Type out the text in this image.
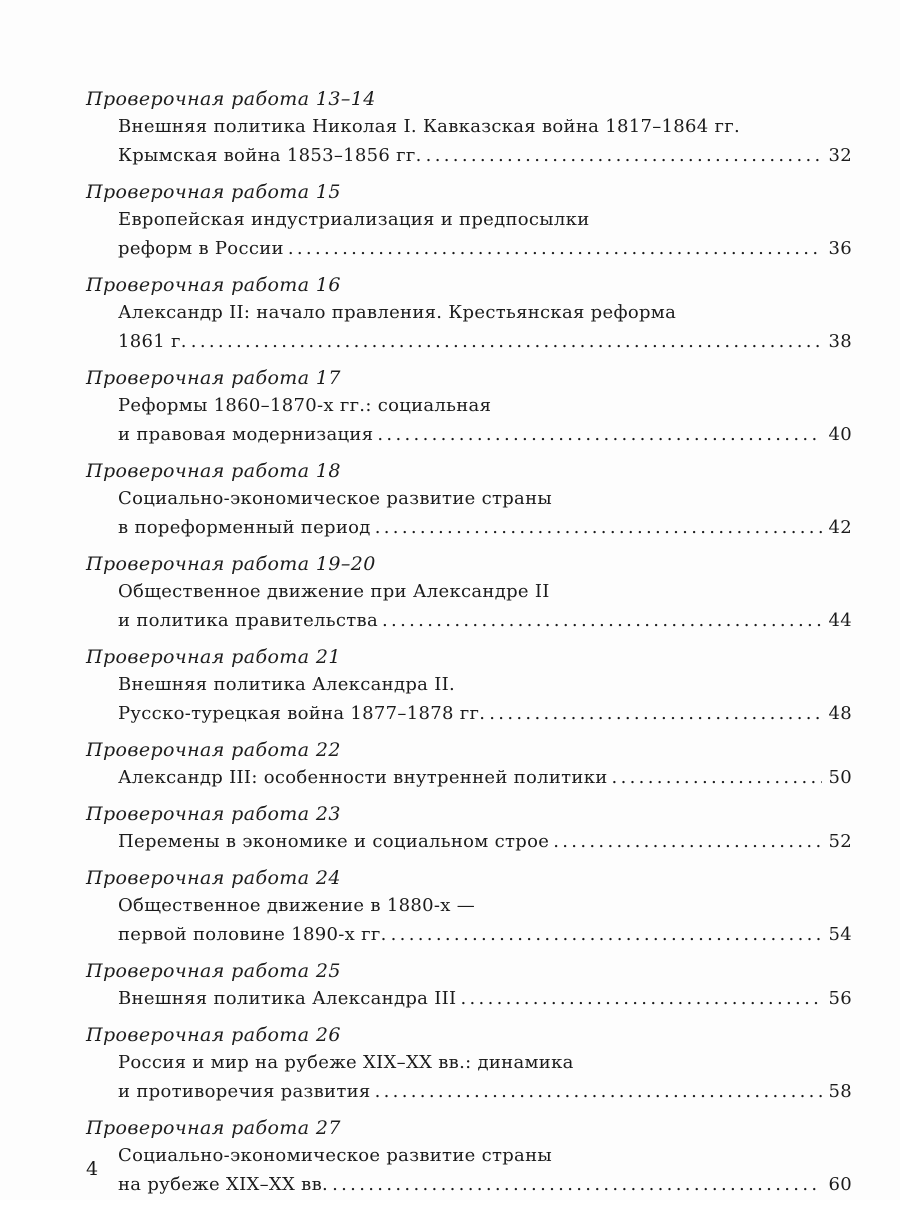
Проверочная работа 13–14
Внешняя политика Николая I. Кавказская война 1817–1864 гг.
Крымская война 1853–1856 гг. . . .	32
Проверочная работа 15
Европейская индустриализация и предпосылки
реформ в России . . .	36
Проверочная работа 16
Александр II: начало правления. Крестьянская реформа
1861 г. . . .	38
Проверочная работа 17
Реформы 1860–1870-х гг.: социальная
и правовая модернизация . . .	40
Проверочная работа 18
Социально-экономическое развитие страны
в пореформенный период . . .	42
Проверочная работа 19–20
Общественное движение при Александре II
и политика правительства . . .	44
Проверочная работа 21
Внешняя политика Александра II.
Русско-турецкая война 1877–1878 гг. . . .	48
Проверочная работа 22
Александр III: особенности внутренней политики . . .	50
Проверочная работа 23
Перемены в экономике и социальном строе . . .	52
Проверочная работа 24
Общественное движение в 1880-х —
первой половине 1890-х гг. . . .	54
Проверочная работа 25
Внешняя политика Александра III . . .	56
Проверочная работа 26
Россия и мир на рубеже XIX–XX вв.: динамика
и противоречия развития . . .	58
Проверочная работа 27
Социально-экономическое развитие страны
на рубеже XIX–XX вв. . . .	60
4
